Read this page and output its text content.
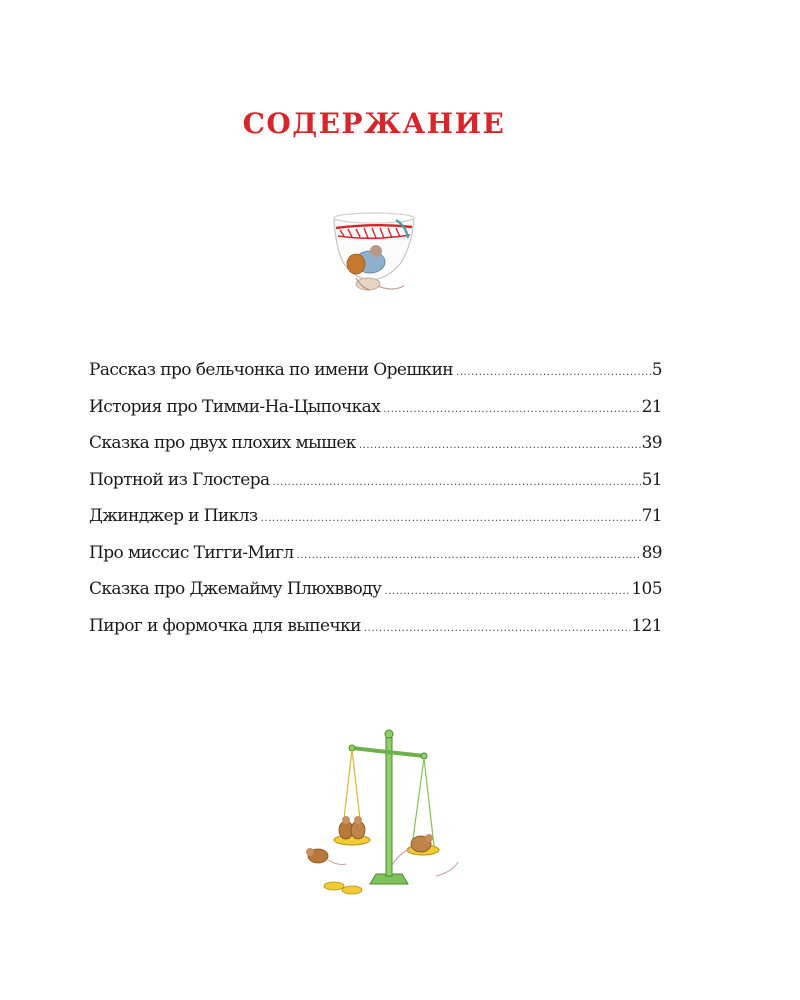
СОДЕРЖАНИЕ
Рассказ про бельчонка по имени Орешкин .....	5
История про Тимми-На-Цыпочках .....	21
Сказка про двух плохих мышек .....	39
Портной из Глостера .....	51
Джинджер и Пиклз .....	71
Про миссис Тигги-Мигл .....	89
Сказка про Джемайму Плюхвводу .....	105
Пирог и формочка для выпечки .....	121
